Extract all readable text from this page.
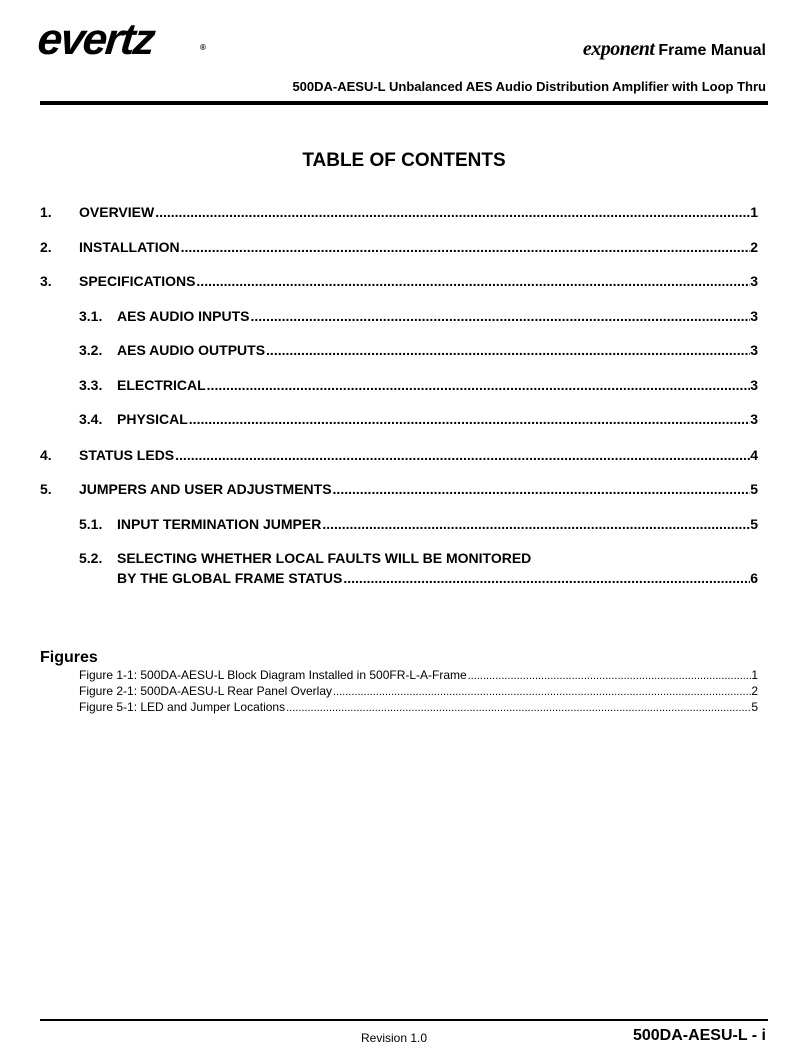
evertz	®	exponent Frame Manual
500DA-AESU-L Unbalanced AES Audio Distribution Amplifier with Loop Thru
TABLE OF CONTENTS
1. OVERVIEW .....	1
2. INSTALLATION .....	2
3. SPECIFICATIONS .....	3
3.1. AES AUDIO INPUTS .....	3
3.2. AES AUDIO OUTPUTS .....	3
3.3. ELECTRICAL .....	3
3.4. PHYSICAL .....	3
4. STATUS LEDS .....	4
5. JUMPERS AND USER ADJUSTMENTS .....	5
5.1. INPUT TERMINATION JUMPER .....	5
5.2. SELECTING WHETHER LOCAL FAULTS WILL BE MONITORED
BY THE GLOBAL FRAME STATUS .....	6
Figures
Figure 1-1: 500DA-AESU-L Block Diagram Installed in 500FR-L-A-Frame .....	1
Figure 2-1: 500DA-AESU-L Rear Panel Overlay .....	2
Figure 5-1: LED and Jumper Locations .....	5
Revision 1.0	500DA-AESU-L - i
